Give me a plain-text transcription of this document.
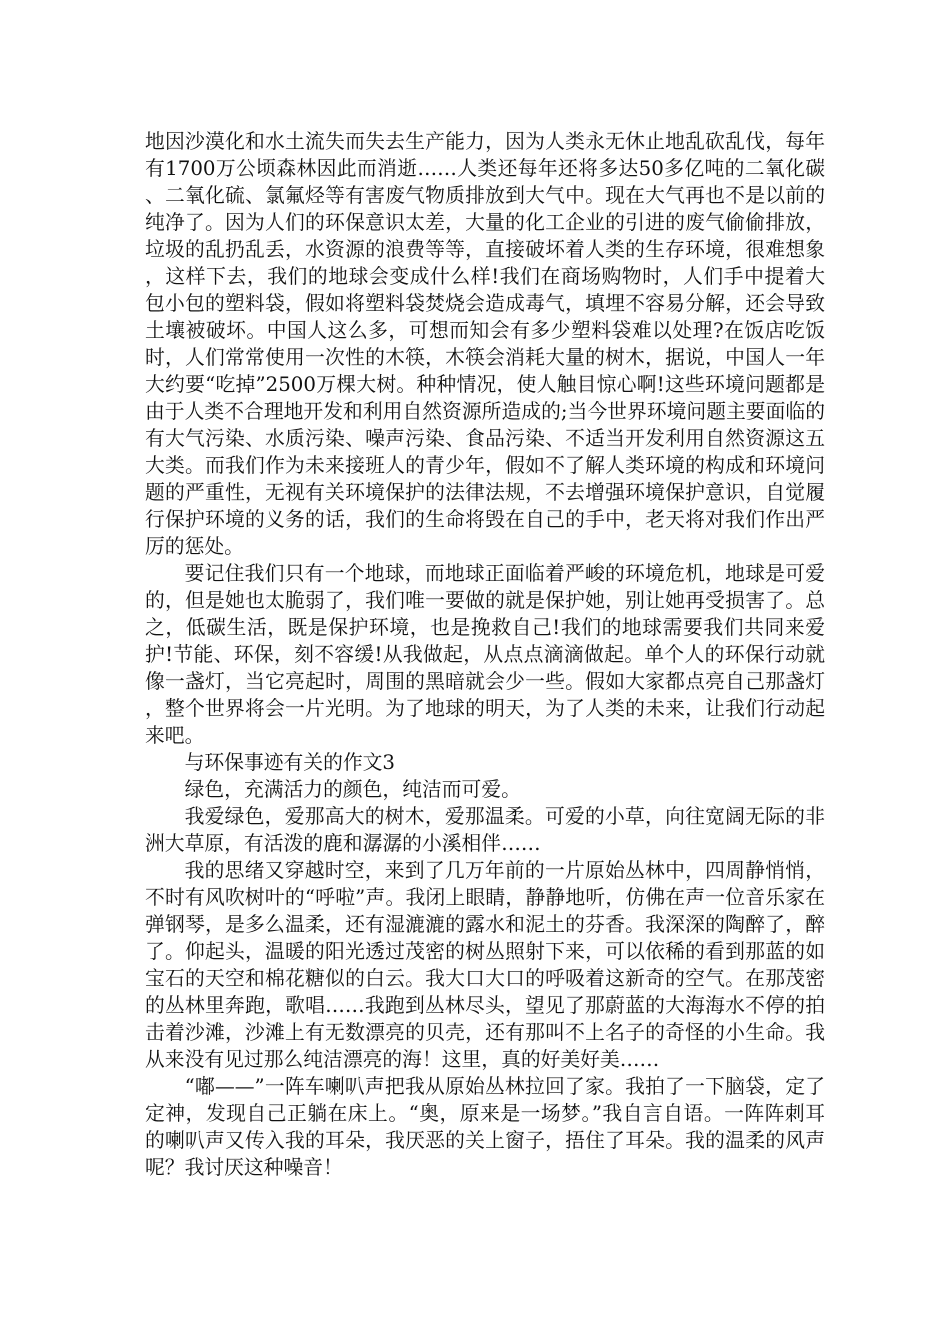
地因沙漠化和水土流失而失去生产能力，因为人类永无休止地乱砍乱伐，每年有1700万公顷森林因此而消逝……人类还每年还将多达50多亿吨的二氧化碳、二氧化硫、氯氟烃等有害废气物质排放到大气中。现在大气再也不是以前的纯净了。因为人们的环保意识太差，大量的化工企业的引进的废气偷偷排放，垃圾的乱扔乱丢，水资源的浪费等等，直接破坏着人类的生存环境，很难想象，这样下去，我们的地球会变成什么样!我们在商场购物时，人们手中提着大包小包的塑料袋，假如将塑料袋焚烧会造成毒气，填埋不容易分解，还会导致土壤被破坏。中国人这么多，可想而知会有多少塑料袋难以处理?在饭店吃饭时，人们常常使用一次性的木筷，木筷会消耗大量的树木，据说，中国人一年大约要“吃掉”2500万棵大树。种种情况，使人触目惊心啊!这些环境问题都是由于人类不合理地开发和利用自然资源所造成的;当今世界环境问题主要面临的有大气污染、水质污染、噪声污染、食品污染、不适当开发利用自然资源这五大类。而我们作为未来接班人的青少年，假如不了解人类环境的构成和环境问题的严重性，无视有关环境保护的法律法规，不去增强环境保护意识，自觉履行保护环境的义务的话，我们的生命将毁在自己的手中，老天将对我们作出严厉的惩处。

要记住我们只有一个地球，而地球正面临着严峻的环境危机，地球是可爱的，但是她也太脆弱了，我们唯一要做的就是保护她，别让她再受损害了。总之，低碳生活，既是保护环境，也是挽救自己!我们的地球需要我们共同来爱护!节能、环保，刻不容缓!从我做起，从点点滴滴做起。单个人的环保行动就像一盏灯，当它亮起时，周围的黑暗就会少一些。假如大家都点亮自己那盏灯，整个世界将会一片光明。为了地球的明天，为了人类的未来，让我们行动起来吧。

与环保事迹有关的作文3

绿色，充满活力的颜色，纯洁而可爱。

我爱绿色，爱那高大的树木，爱那温柔。可爱的小草，向往宽阔无际的非洲大草原，有活泼的鹿和潺潺的小溪相伴……

我的思绪又穿越时空，来到了几万年前的一片原始丛林中，四周静悄悄，不时有风吹树叶的“呼啦”声。我闭上眼睛，静静地听，仿佛在声一位音乐家在弹钢琴，是多么温柔，还有湿漉漉的露水和泥土的芬香。我深深的陶醉了，醉了。仰起头，温暖的阳光透过茂密的树丛照射下来，可以依稀的看到那蓝的如宝石的天空和棉花糖似的白云。我大口大口的呼吸着这新奇的空气。在那茂密的丛林里奔跑，歌唱……我跑到丛林尽头，望见了那蔚蓝的大海海水不停的拍击着沙滩，沙滩上有无数漂亮的贝壳，还有那叫不上名子的奇怪的小生命。我从来没有见过那么纯洁漂亮的海！这里，真的好美好美……

“嘟——”一阵车喇叭声把我从原始丛林拉回了家。我拍了一下脑袋，定了定神，发现自己正躺在床上。“奥，原来是一场梦。”我自言自语。一阵阵刺耳的喇叭声又传入我的耳朵，我厌恶的关上窗子，捂住了耳朵。我的温柔的风声呢？我讨厌这种噪音！
